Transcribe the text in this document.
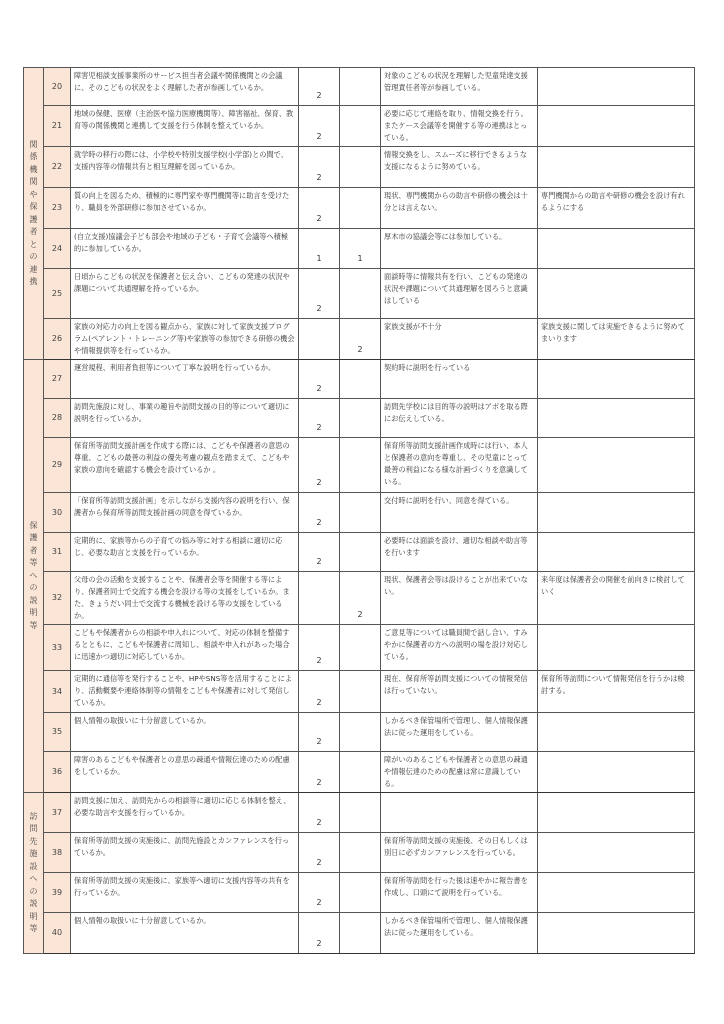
関係機関や保護者との連携	20	障害児相談支援事業所のサービス担当者会議や関係機関との会議に、そのこどもの状況をよく理解した者が参画しているか。	2		対象のこどもの状況を理解した児童発達支援管理責任者等が参画している。	
	21	地域の保健、医療（主治医や協力医療機関等）、障害福祉、保育、教育等の関係機関と連携して支援を行う体制を整えているか。	2		必要に応じて連絡を取り、情報交換を行う。またケース会議等を開催する等の連携はとっている。	
	22	就学時の移行の際には、小学校や特別支援学校(小学部)との間で、支援内容等の情報共有と相互理解を図っているか。	2		情報交換をし、スムーズに移行できるような支援になるように努めている。	
	23	質の向上を図るため、積極的に専門家や専門機関等に助言を受けたり、職員を外部研修に参加させているか。	2		現状、専門機関からの助言や研修の機会は十分とは言えない。	専門機関からの助言や研修の機会を設け有れるようにする
	24	(自立支援)協議会子ども部会や地域の子ども・子育て会議等へ積極的に参加しているか。	1	1	厚木市の協議会等には参加している。	
	25	日頃からこどもの状況を保護者と伝え合い、こどもの発達の状況や課題について共通理解を持っているか。	2		面談時等に情報共有を行い、こどもの発達の状況や課題について共通理解を図ろうと意識はしている	
	26	家族の対応力の向上を図る観点から、家族に対して家族支援プログラム(ペアレント・トレーニング等)や家族等の参加できる研修の機会や情報提供等を行っているか。		2	家族支援が不十分	家族支援に関しては実施できるように努めてまいります

保護者等への説明等	27	運営規程、利用者負担等について丁寧な説明を行っているか。	2		契約時に説明を行っている	
	28	訪問先施設に対し、事業の趣旨や訪問支援の目的等について適切に説明を行っているか。	2		訪問先学校には目的等の説明はアポを取る際にお伝えしている。	
	29	保育所等訪問支援計画を作成する際には、こどもや保護者の意思の尊重、こどもの最善の利益の優先考慮の観点を踏まえて、こどもや家族の意向を確認する機会を設けているか 。	2		保育所等訪問支援計画作成時には行い、本人と保護者の意向を尊重し、その児童にとって最善の利益になる様な計画づくりを意識している。	
	30	「保育所等訪問支援計画」を示しながら支援内容の説明を行い、保護者から保育所等訪問支援計画の同意を得ているか。	2		交付時に説明を行い、同意を得ている。	
	31	定期的に、家族等からの子育ての悩み等に対する相談に適切に応じ、必要な助言と支援を行っているか。	2		必要時には面談を設け、適切な相談や助言等を行います	
	32	父母の会の活動を支援することや、保護者会等を開催する等により、保護者同士で交流する機会を設ける等の支援をしているか。また、きょうだい同士で交流する機械を設ける等の支援をしているか。		2	現状、保護者会等は設けることが出来ていない。	来年度は保護者会の開催を前向きに検討していく
	33	こどもや保護者からの相談や申入れについて、対応の体制を整備するとともに、こどもや保護者に周知し、相談や申入れがあった場合に迅速かつ適切に対応しているか。	2		ご意見等については職員間で話し合い、すみやかに保護者の方への説明の場を設け対応している。	
	34	定期的に通信等を発行することや、HPやSNS等を活用することにより、活動概要や連絡体制等の情報をこどもや保護者に対して発信しているか。	2		現在、保育所等訪問支援についての情報発信は行っていない。	保育所等訪問について情報発信を行うかは検討する。
	35	個人情報の取扱いに十分留意しているか。	2		しかるべき保管場所で管理し、個人情報保護法に従った運用をしている。	
	36	障害のあるこどもや保護者との意思の疎通や情報伝達のための配慮をしているか。	2		障がいのあるこどもや保護者との意思の疎通や情報伝達のための配慮は常に意識している。	

訪問先施設への説明等	37	訪問支援に加え、訪問先からの相談等に適切に応じる体制を整え、必要な助言や支援を行っているか。	2			
	38	保育所等訪問支援の実施後に、訪問先施設とカンファレンスを行っているか。	2		保育所等訪問支援の実施後、その日もしくは別日に必ずカンファレンスを行っている。	
	39	保育所等訪問支援の実施後に、家族等へ適切に支援内容等の共有を行っているか。	2		保育所等訪問を行った後は速やかに報告書を作成し、口頭にて説明を行っている。	
	40	個人情報の取扱いに十分留意しているか。	2		しかるべき保管場所で管理し、個人情報保護法に従った運用をしている。	
